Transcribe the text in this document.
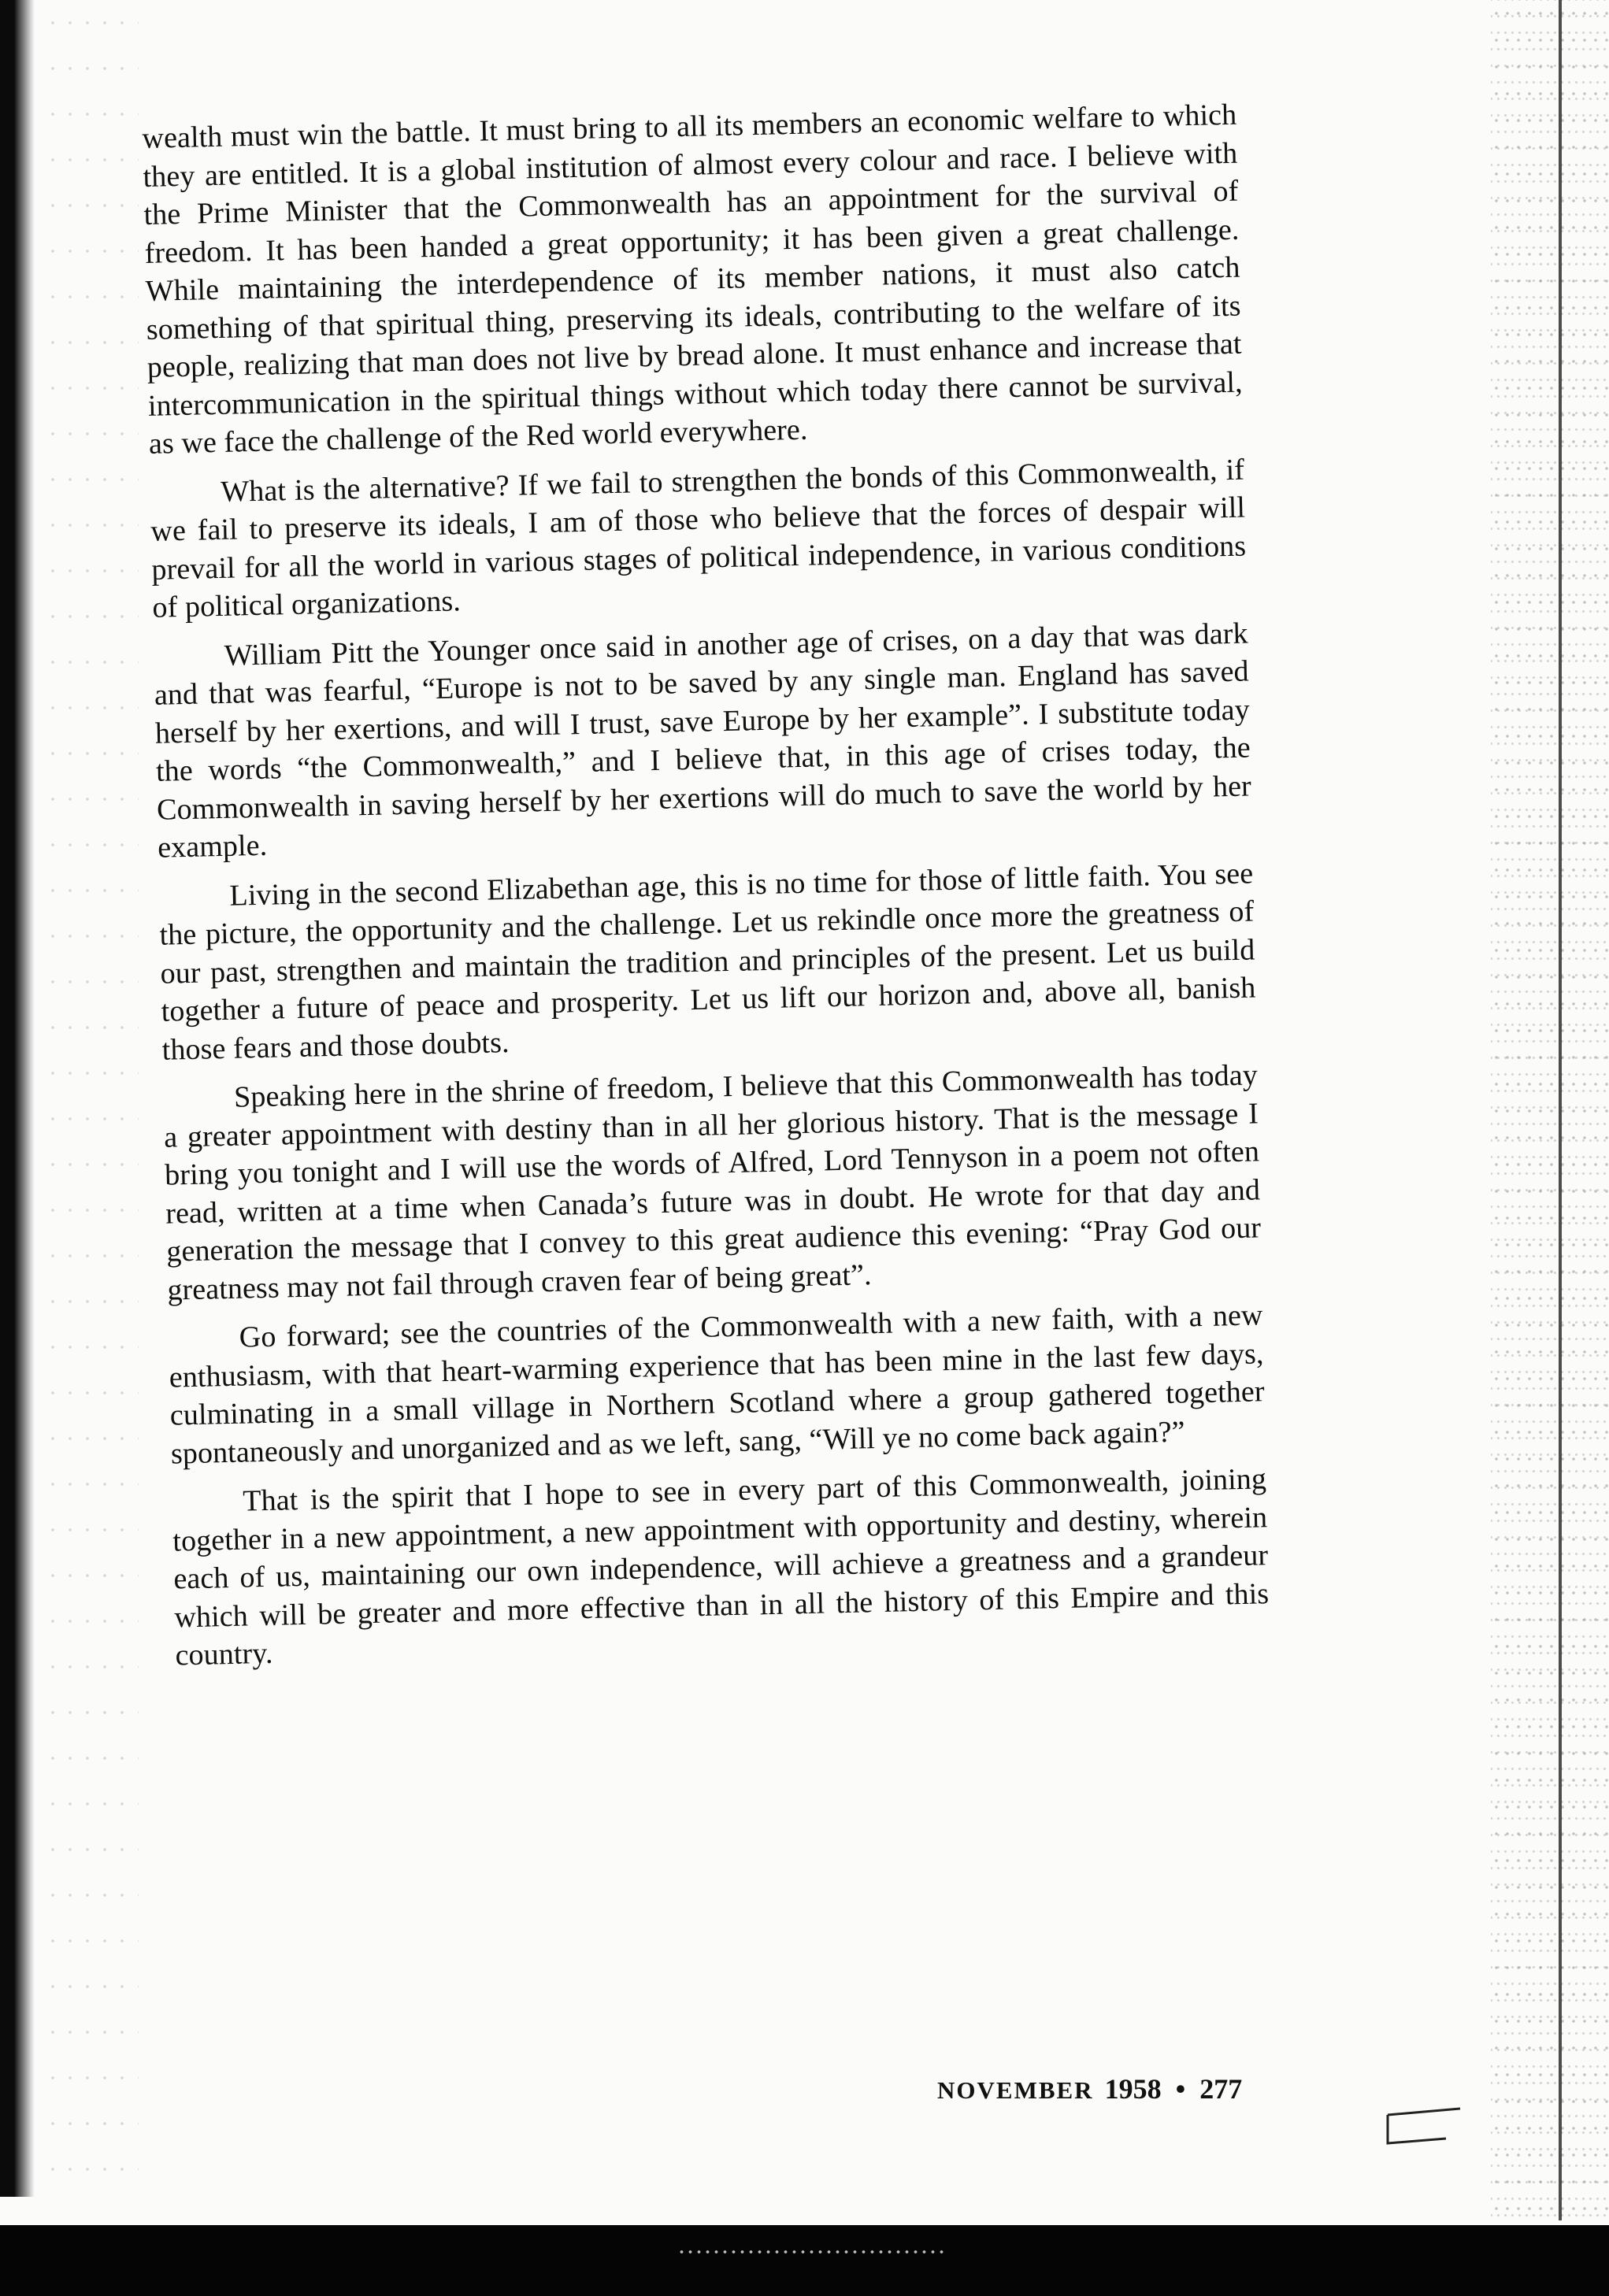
wealth must win the battle. It must bring to all its members an economic welfare to which they are entitled. It is a global institution of almost every colour and race. I believe with the Prime Minister that the Commonwealth has an appointment for the survival of freedom. It has been handed a great opportunity; it has been given a great challenge. While maintaining the interdependence of its member nations, it must also catch something of that spiritual thing, preserving its ideals, contributing to the welfare of its people, realizing that man does not live by bread alone. It must enhance and increase that intercommunication in the spiritual things without which today there cannot be survival, as we face the challenge of the Red world everywhere.

What is the alternative? If we fail to strengthen the bonds of this Commonwealth, if we fail to preserve its ideals, I am of those who believe that the forces of despair will prevail for all the world in various stages of political independence, in various conditions of political organizations.

William Pitt the Younger once said in another age of crises, on a day that was dark and that was fearful, “Europe is not to be saved by any single man. England has saved herself by her exertions, and will I trust, save Europe by her example”. I substitute today the words “the Commonwealth,” and I believe that, in this age of crises today, the Commonwealth in saving herself by her exertions will do much to save the world by her example.

Living in the second Elizabethan age, this is no time for those of little faith. You see the picture, the opportunity and the challenge. Let us rekindle once more the greatness of our past, strengthen and maintain the tradition and principles of the present. Let us build together a future of peace and prosperity. Let us lift our horizon and, above all, banish those fears and those doubts.

Speaking here in the shrine of freedom, I believe that this Commonwealth has today a greater appointment with destiny than in all her glorious history. That is the message I bring you tonight and I will use the words of Alfred, Lord Tennyson in a poem not often read, written at a time when Canada’s future was in doubt. He wrote for that day and generation the message that I convey to this great audience this evening: “Pray God our greatness may not fail through craven fear of being great”.

Go forward; see the countries of the Commonwealth with a new faith, with a new enthusiasm, with that heart-warming experience that has been mine in the last few days, culminating in a small village in Northern Scotland where a group gathered together spontaneously and unorganized and as we left, sang, “Will ye no come back again?”

That is the spirit that I hope to see in every part of this Commonwealth, joining together in a new appointment, a new appointment with opportunity and destiny, wherein each of us, maintaining our own independence, will achieve a greatness and a grandeur which will be greater and more effective than in all the history of this Empire and this country.

NOVEMBER 1958 • 277
